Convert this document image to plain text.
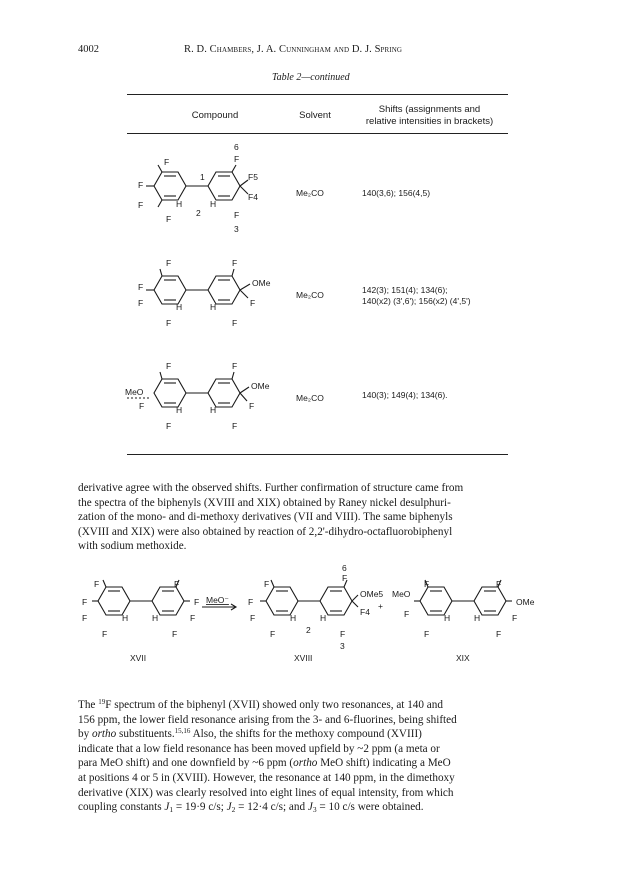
4002	R. D. Chambers, J. A. Cunningham and D. J. Spring
Table 2—continued
Compound	Solvent
Shifts (assignments and
relative intensities in brackets)
F
F
F
F
H	H
6
F
1
2	F
3
F5
F4	Me₂CO	140(3,6); 156(4,5)
F	F
F
F	H	H
OMe
F
F	F
Me₂CO	142(3); 151(4); 134(6);
140(x2) (3',6'); 156(x2) (4',5')
F	F
MeO
F	H	H
OMe
F
F	F
Me₂CO	140(3); 149(4); 134(6).
derivative agree with the observed shifts. Further confirmation of structure came from
the spectra of the biphenyls (XVIII and XIX) obtained by Raney nickel desulphuri-
zation of the mono- and di-methoxy derivatives (VII and VIII). The same biphenyls
(XVIII and XIX) were also obtained by reaction of 2,2'-dihydro-octafluorobiphenyl
with sodium methoxide.
F	F
F
F	H	H
F
F
F	F
MeO⁻
F
6
F
F
F	H	H
OMe5
F4
F	2	F
3
+
F	F
MeO
F	H	H
OMe
F
F	F
XVII	XVIII	XIX
The $^{19}$F spectrum of the biphenyl (XVII) showed only two resonances, at 140 and
156 ppm, the lower field resonance arising from the 3- and 6-fluorines, being shifted
by ortho substituents.$^{15,16}$ Also, the shifts for the methoxy compound (XVIII)
indicate that a low field resonance has been moved upfield by ~2 ppm (a meta or
para MeO shift) and one downfield by ~6 ppm (ortho MeO shift) indicating a MeO
at positions 4 or 5 in (XVIII). However, the resonance at 140 ppm, in the dimethoxy
derivative (XIX) was clearly resolved into eight lines of equal intensity, from which
coupling constants $J_1 = 19\cdot 9$ c/s; $J_2 = 12\cdot 4$ c/s; and $J_3 = 10$ c/s were obtained.
